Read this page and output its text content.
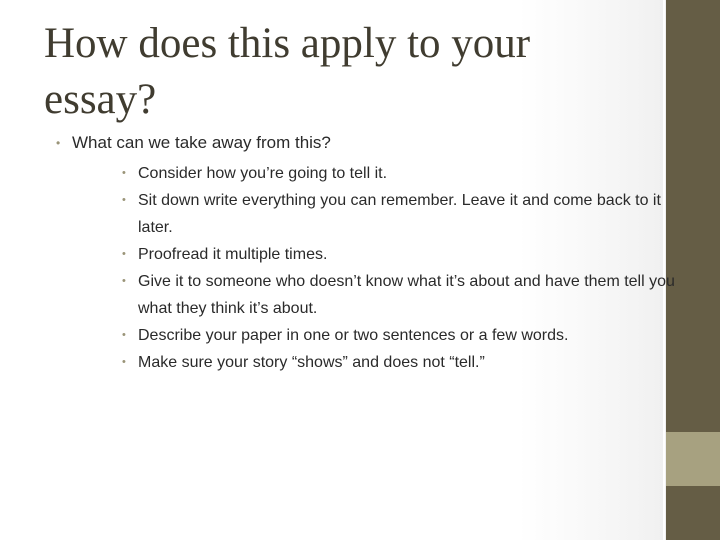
How does this apply to your essay?
• What can we take away from this?
• Consider how you’re going to tell it.
• Sit down write everything you can remember. Leave it and come back to it later.
• Proofread it multiple times.
• Give it to someone who doesn’t know what it’s about and have them tell you what they think it’s about.
• Describe your paper in one or two sentences or a few words.
• Make sure your story “shows” and does not “tell.”
